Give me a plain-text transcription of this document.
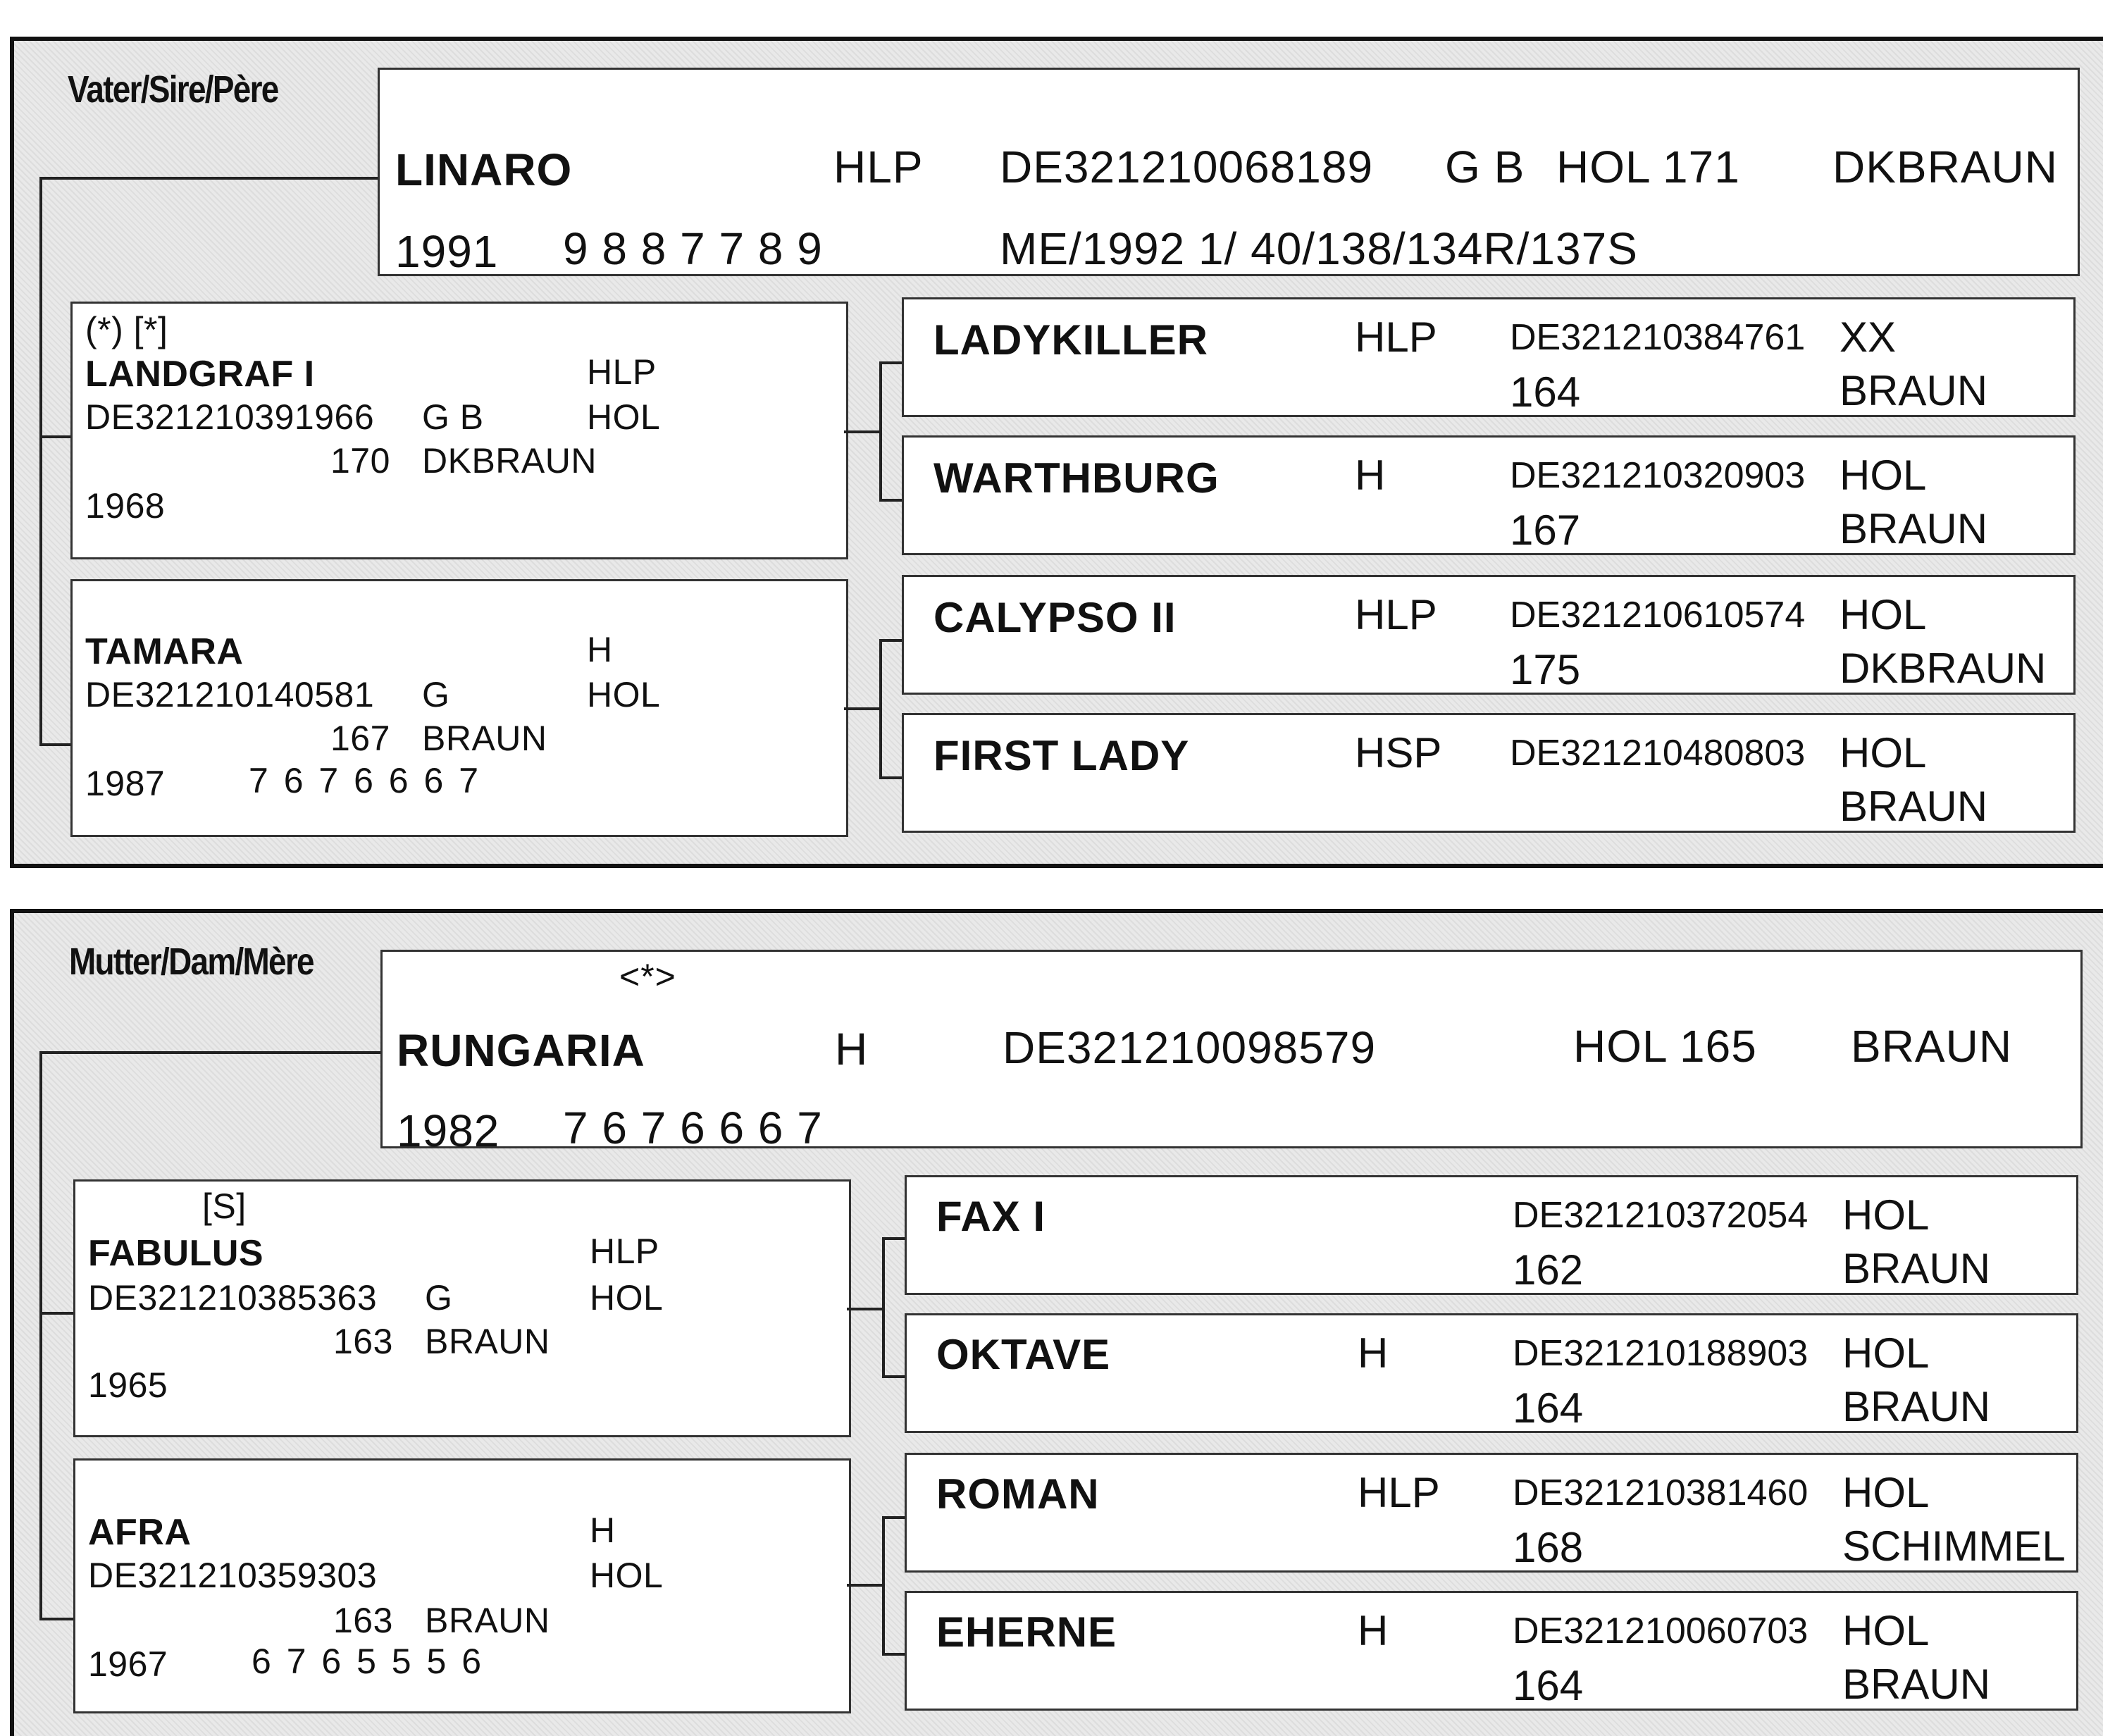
Vater/Sire/Père
LINARO	HLP DE321210068189 G B HOL 171 DKBRAUN
1991 9 8 8 7 7 8 9	ME/1992 1/ 40/138/134R/137S
(*) [*]
LANDGRAF I	HLP
DE321210391966 G B	HOL
170 DKBRAUN
1968
TAMARA	H
DE321210140581 G	HOL
167 BRAUN
1987 7 6 7 6 6 6 7
LADYKILLER	HLP DE321210384761 XX
164	BRAUN
WARTHBURG	H	DE321210320903 HOL
167	BRAUN
CALYPSO II	HLP DE321210610574 HOL
175	DKBRAUN
FIRST LADY	HSP DE321210480803 HOL
BRAUN
Mutter/Dam/Mère	<*>
RUNGARIA	H	DE321210098579	HOL 165 BRAUN
1982 7 6 7 6 6 6 7
[S]
FABULUS	HLP
DE321210385363 G	HOL
163 BRAUN
1965
AFRA	H
DE321210359303	HOL
163 BRAUN
1967 6 7 6 5 5 5 6
FAX I	DE321210372054 HOL
162	BRAUN
OKTAVE	H	DE321210188903 HOL
164	BRAUN
ROMAN	HLP DE321210381460 HOL
168	SCHIMMEL
EHERNE	H	DE321210060703 HOL
164	BRAUN
